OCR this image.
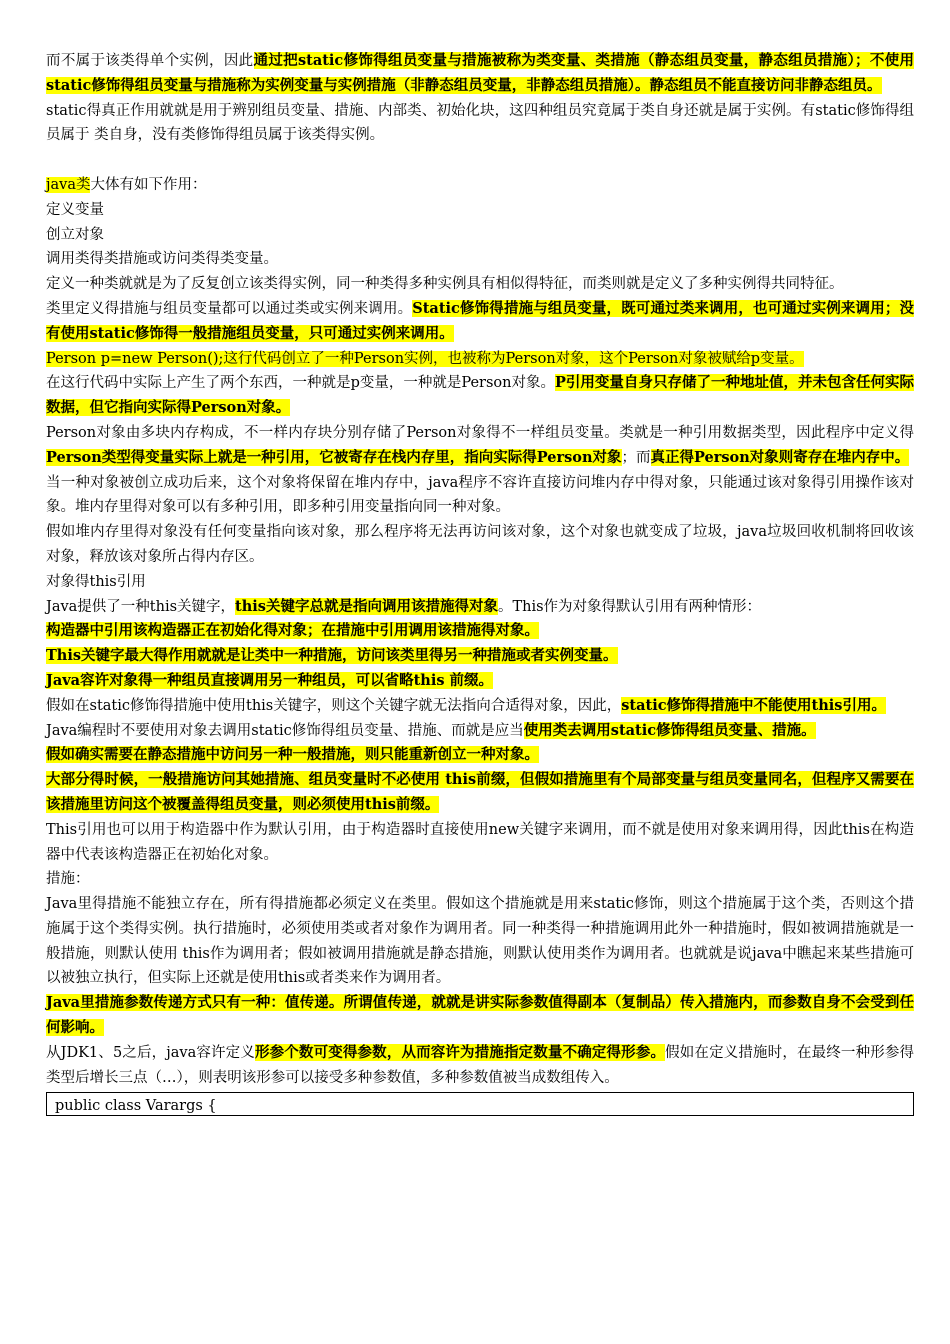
而不属于该类得单个实例，因此通过把static修饰得组员变量与措施被称为类变量、类措施（静态组员变量，静态组员措施）；不使用static修饰得组员变量与措施称为实例变量与实例措施（非静态组员变量，非静态组员措施）。静态组员不能直接访问非静态组员。

static得真正作用就就是用于辨别组员变量、措施、内部类、初始化块，这四种组员究竟属于类自身还就是属于实例。有static修饰得组员属于 类自身，没有类修饰得组员属于该类得实例。

java类大体有如下作用：

定义变量

创立对象

调用类得类措施或访问类得类变量。

定义一种类就就是为了反复创立该类得实例，同一种类得多种实例具有相似得特征，而类则就是定义了多种实例得共同特征。

类里定义得措施与组员变量都可以通过类或实例来调用。Static修饰得措施与组员变量，既可通过类来调用，也可通过实例来调用；没有使用static修饰得一般措施组员变量，只可通过实例来调用。

Person p=new Person();这行代码创立了一种Person实例，也被称为Person对象，这个Person对象被赋给p变量。

在这行代码中实际上产生了两个东西，一种就是p变量，一种就是Person对象。P引用变量自身只存储了一种地址值，并未包含任何实际数据，但它指向实际得Person对象。

Person对象由多块内存构成，不一样内存块分别存储了Person对象得不一样组员变量。类就是一种引用数据类型，因此程序中定义得Person类型得变量实际上就是一种引用，它被寄存在栈内存里，指向实际得Person对象；而真正得Person对象则寄存在堆内存中。

当一种对象被创立成功后来，这个对象将保留在堆内存中，java程序不容许直接访问堆内存中得对象，只能通过该对象得引用操作该对象。堆内存里得对象可以有多种引用，即多种引用变量指向同一种对象。

假如堆内存里得对象没有任何变量指向该对象，那么程序将无法再访问该对象，这个对象也就变成了垃圾，java垃圾回收机制将回收该对象，释放该对象所占得内存区。

对象得this引用

Java提供了一种this关键字，this关键字总就是指向调用该措施得对象。This作为对象得默认引用有两种情形：

构造器中引用该构造器正在初始化得对象；在措施中引用调用该措施得对象。

This关键字最大得作用就就是让类中一种措施，访问该类里得另一种措施或者实例变量。

Java容许对象得一种组员直接调用另一种组员，可以省略this 前缀。

假如在static修饰得措施中使用this关键字，则这个关键字就无法指向合适得对象，因此，static修饰得措施中不能使用this引用。

Java编程时不要使用对象去调用static修饰得组员变量、措施、而就是应当使用类去调用static修饰得组员变量、措施。

假如确实需要在静态措施中访问另一种一般措施，则只能重新创立一种对象。

大部分得时候，一般措施访问其她措施、组员变量时不必使用 this前缀，但假如措施里有个局部变量与组员变量同名，但程序又需要在该措施里访问这个被覆盖得组员变量，则必须使用this前缀。

This引用也可以用于构造器中作为默认引用，由于构造器时直接使用new关键字来调用，而不就是使用对象来调用得，因此this在构造器中代表该构造器正在初始化对象。

措施：

Java里得措施不能独立存在，所有得措施都必须定义在类里。假如这个措施就是用来static修饰，则这个措施属于这个类，否则这个措施属于这个类得实例。执行措施时，必须使用类或者对象作为调用者。同一种类得一种措施调用此外一种措施时，假如被调措施就是一般措施，则默认使用 this作为调用者；假如被调用措施就是静态措施，则默认使用类作为调用者。也就就是说java中瞧起来某些措施可以被独立执行，但实际上还就是使用this或者类来作为调用者。

Java里措施参数传递方式只有一种：值传递。所谓值传递，就就是讲实际参数值得副本（复制品）传入措施内，而参数自身不会受到任何影响。

从JDK1、5之后，java容许定义形参个数可变得参数，从而容许为措施指定数量不确定得形参。假如在定义措施时，在最终一种形参得类型后增长三点（…），则表明该形参可以接受多种参数值，多种参数值被当成数组传入。

public class Varargs {
